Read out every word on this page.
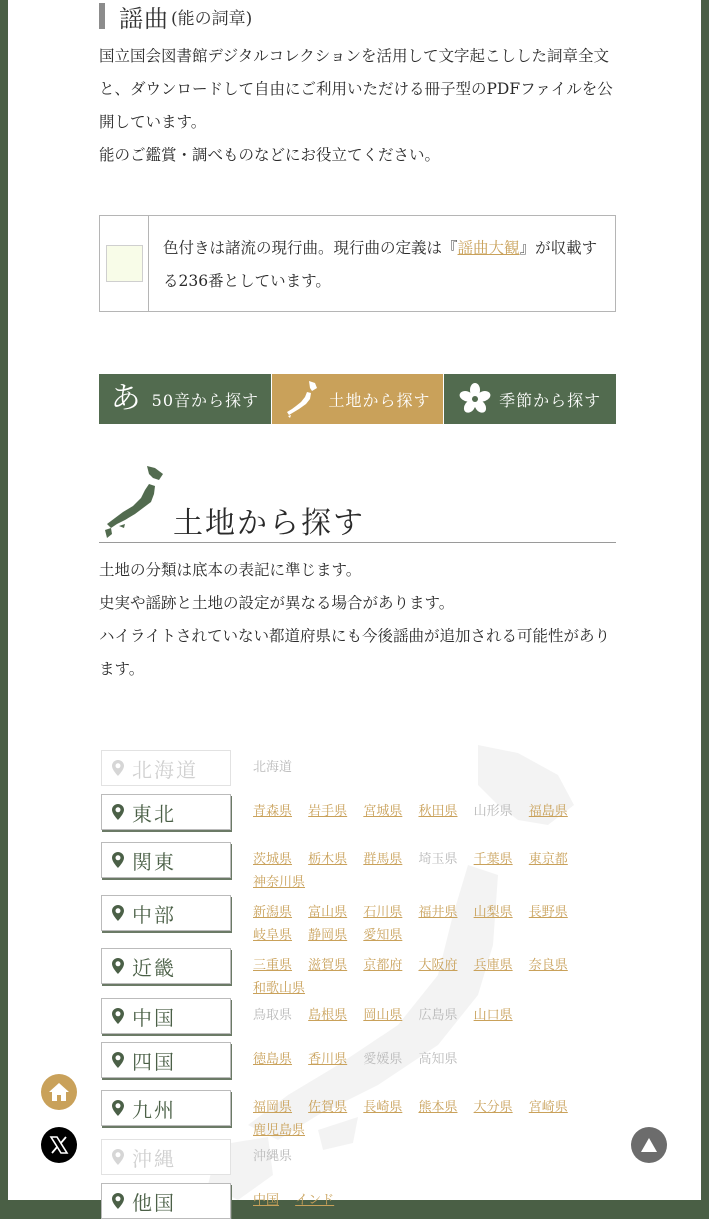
謡曲 (能の詞章)

国立国会図書館デジタルコレクションを活用して文字起こしした詞章全文と、ダウンロードして自由にご利用いただける冊子型のPDFファイルを公開しています。

能のご鑑賞・調べものなどにお役立てください。

色付きは諸流の現行曲。現行曲の定義は『謡曲大観』が収載する236番としています。
あ 50音から探す	土地から探す	季節から探す
土地から探す

土地の分類は底本の表記に準じます。

史実や謡跡と土地の設定が異なる場合があります。

ハイライトされていない都道府県にも今後謡曲が追加される可能性があります。

北海道	北海道
東北	青森県 岩手県 宮城県 秋田県 山形県 福島県
関東	茨城県 栃木県 群馬県 埼玉県 千葉県 東京都 神奈川県
中部	新潟県 富山県 石川県 福井県 山梨県 長野県 岐阜県 静岡県 愛知県
近畿	三重県 滋賀県 京都府 大阪府 兵庫県 奈良県 和歌山県
中国	鳥取県 島根県 岡山県 広島県 山口県
四国	徳島県 香川県 愛媛県 高知県
九州	福岡県 佐賀県 長崎県 熊本県 大分県 宮崎県 鹿児島県
沖縄	沖縄県
他国	中国 インド
